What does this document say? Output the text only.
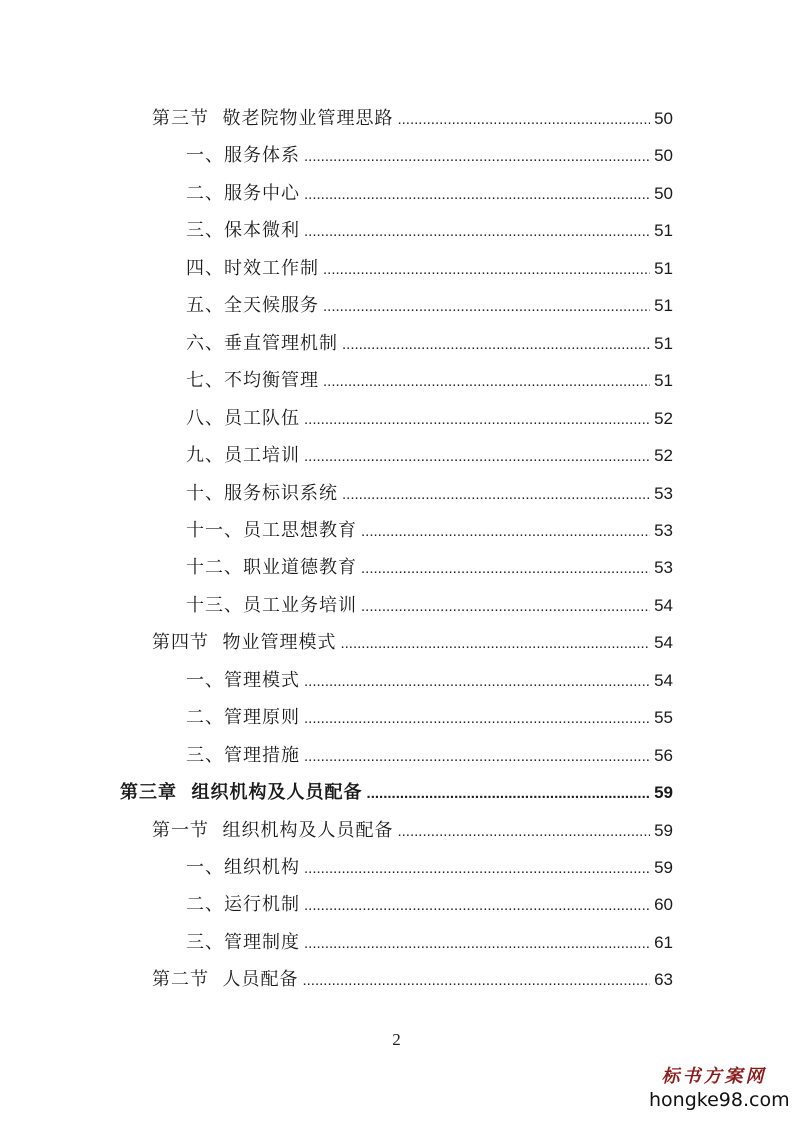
第三节  敬老院物业管理思路 .....	50
一、服务体系 .....	50
二、服务中心 .....	50
三、保本微利 .....	51
四、时效工作制 .....	51
五、全天候服务 .....	51
六、垂直管理机制 .....	51
七、不均衡管理 .....	51
八、员工队伍 .....	52
九、员工培训 .....	52
十、服务标识系统 .....	53
十一、员工思想教育 .....	53
十二、职业道德教育 .....	53
十三、员工业务培训 .....	54
第四节  物业管理模式 .....	54
一、管理模式 .....	54
二、管理原则 .....	55
三、管理措施 .....	56
第三章  组织机构及人员配备 .....	59
第一节  组织机构及人员配备 .....	59
一、组织机构 .....	59
二、运行机制 .....	60
三、管理制度 .....	61
第二节  人员配备 .....	63
2
标书方案网
hongke98.com
